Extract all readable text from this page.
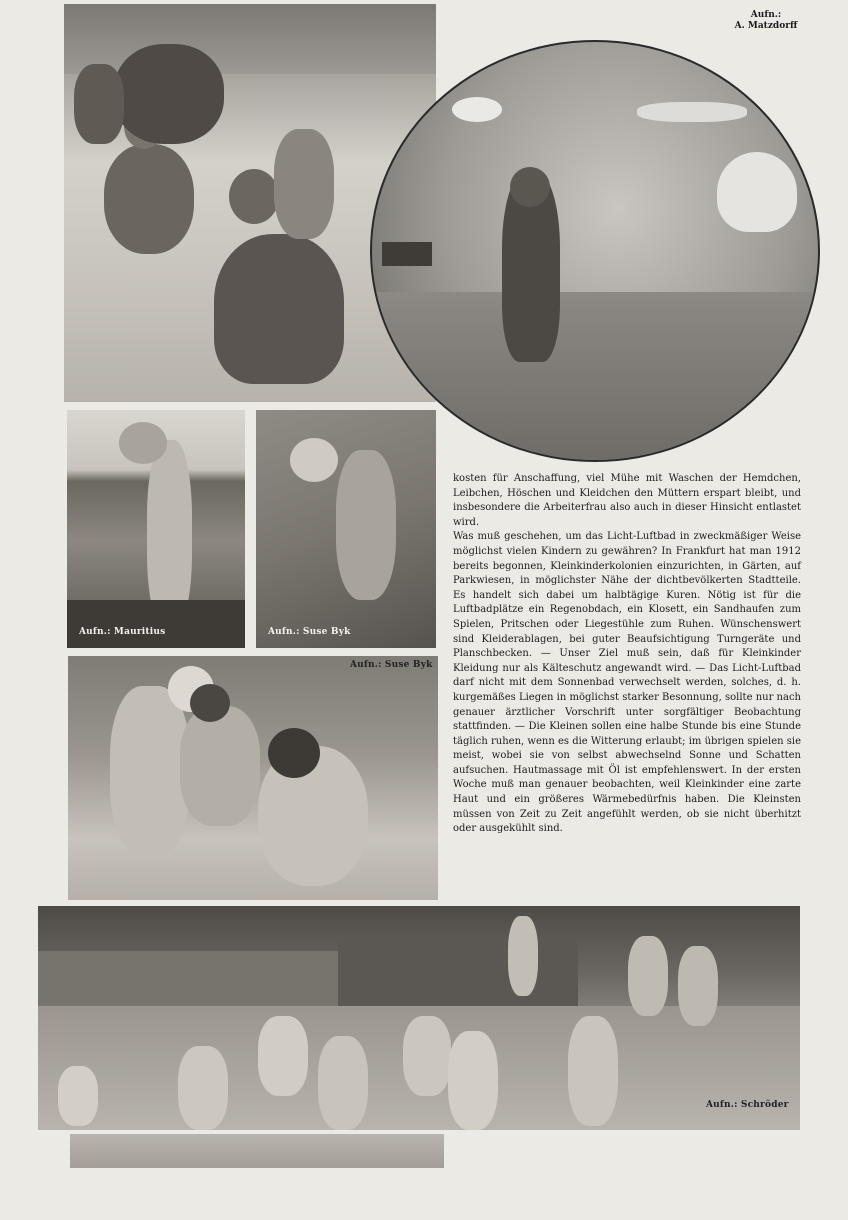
Aufn.:
A. Matzdorff
Aufn.: Mauritius	Aufn.: Suse Byk
Aufn.: Suse Byk

kosten für Anschaffung, viel Mühe mit Waschen der Hemdchen, Leibchen, Höschen und Kleidchen den Müttern erspart bleibt, und insbesondere die Arbeiterfrau also auch in dieser Hinsicht entlastet wird.

Was muß geschehen, um das Licht-Luftbad in zweckmäßiger Weise möglichst vielen Kindern zu gewähren? In Frankfurt hat man 1912 bereits begonnen, Kleinkinderkolonien einzurichten, in Gärten, auf Parkwiesen, in möglichster Nähe der dichtbevölkerten Stadtteile. Es handelt sich dabei um halbtägige Kuren. Nötig ist für die Luftbadplätze ein Regenobdach, ein Klosett, ein Sandhaufen zum Spielen, Pritschen oder Liegestühle zum Ruhen. Wünschenswert sind Kleiderablagen, bei guter Beaufsichtigung Turngeräte und Planschbecken. — Unser Ziel muß sein, daß für Kleinkinder Kleidung nur als Kälteschutz angewandt wird. — Das Licht-Luftbad darf nicht mit dem Sonnenbad verwechselt werden, solches, d. h. kurgemäßes Liegen in möglichst starker Besonnung, sollte nur nach genauer ärztlicher Vorschrift unter sorgfältiger Beobachtung stattfinden. — Die Kleinen sollen eine halbe Stunde bis eine Stunde täglich ruhen, wenn es die Witterung erlaubt; im übrigen spielen sie meist, wobei sie von selbst abwechselnd Sonne und Schatten aufsuchen. Hautmassage mit Öl ist empfehlenswert. In der ersten Woche muß man genauer beobachten, weil Kleinkinder eine zarte Haut und ein größeres Wärmebedürfnis haben. Die Kleinsten müssen von Zeit zu Zeit angefühlt werden, ob sie nicht überhitzt oder ausgekühlt sind.

Aufn.: Schröder
